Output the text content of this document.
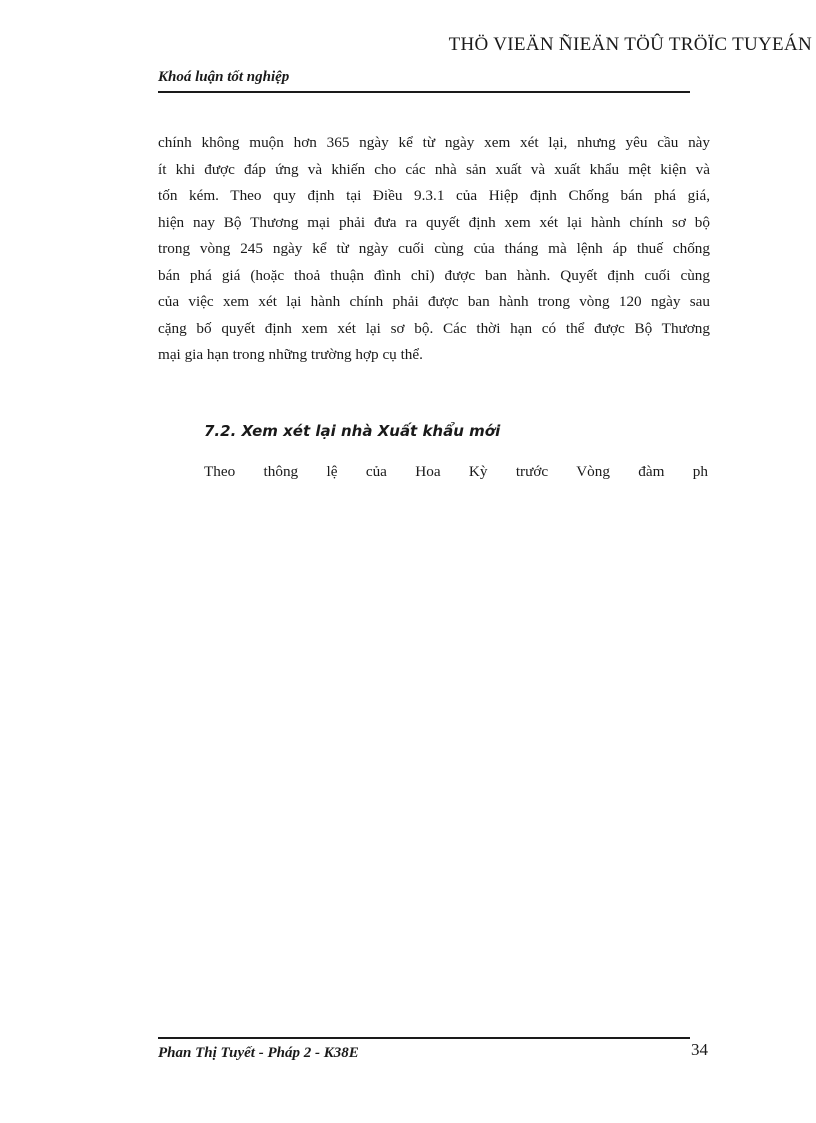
THÖ VIEÄN ÑIEÄN TÖÛ TRÖÏC TUYEÁN
Khoá luận tốt nghiệp
chính không muộn hơn 365 ngày kể từ ngày xem xét lại, nhưng yêu cầu này
ít khi được đáp ứng và khiến cho các nhà sản xuất và xuất khẩu mệt kiện và
tốn kém. Theo quy định tại Điều 9.3.1 của Hiệp định Chống bán phá giá,
hiện nay Bộ Thương mại phải đưa ra quyết định xem xét lại hành chính sơ bộ
trong vòng 245 ngày kể từ ngày cuối cùng của tháng mà lệnh áp thuế chống
bán phá giá (hoặc thoả thuận đình chỉ) được ban hành. Quyết định cuối cùng
của việc xem xét lại hành chính phải được ban hành trong vòng 120 ngày sau
cặng bố quyết định xem xét lại sơ bộ. Các thời hạn có thể được Bộ Thương
mại gia hạn trong những trường hợp cụ thể.
7.2. Xem xét lại nhà Xuất khẩu mới
Theo thông lệ của Hoa Kỳ trước Vòng đàm ph
Phan Thị Tuyết - Pháp 2 - K38E	34
